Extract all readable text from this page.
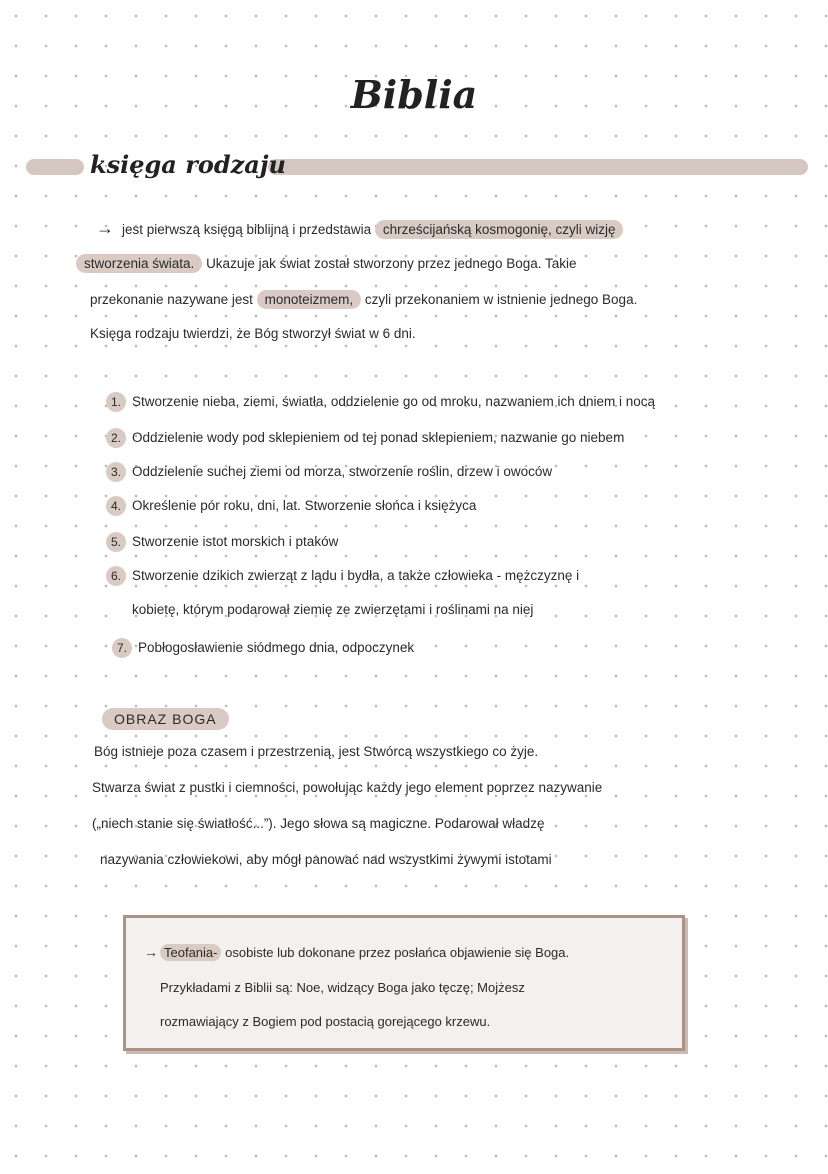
Biblia
księga rodzaju
→ jest pierwszą księgą biblijną i przedstawia chrześcijańską kosmogonię, czyli wizję
stworzenia świata. Ukazuje jak świat został stworzony przez jednego Boga. Takie
przekonanie nazywane jest monoteizmem, czyli przekonaniem w istnienie jednego Boga.
Księga rodzaju twierdzi, że Bóg stworzył świat w 6 dni.
1. Stworzenie nieba, ziemi, światła, oddzielenie go od mroku, nazwaniem ich dniem i nocą
2. Oddzielenie wody pod sklepieniem od tej ponad sklepieniem, nazwanie go niebem
3. Oddzielenie suchej ziemi od morza, stworzenie roślin, drzew i owoców
4. Określenie pór roku, dni, lat. Stworzenie słońca i księżyca
5. Stworzenie istot morskich i ptaków
6. Stworzenie dzikich zwierząt z lądu i bydła, a także człowieka - mężczyznę i
kobietę, którym podarował ziemię ze zwierzętami i roślinami na niej
7. Pobłogosławienie siódmego dnia, odpoczynek
OBRAZ BOGA
Bóg istnieje poza czasem i przestrzenią, jest Stwórcą wszystkiego co żyje.
Stwarza świat z pustki i ciemności, powołując każdy jego element poprzez nazywanie
(„niech stanie się światłość...”). Jego słowa są magiczne. Podarował władzę
nazywania człowiekowi, aby mógł panować nad wszystkimi żywymi istotami
→ Teofania- osobiste lub dokonane przez posłańca objawienie się Boga.
Przykładami z Biblii są: Noe, widzący Boga jako tęczę; Mojżesz
rozmawiający z Bogiem pod postacią gorejącego krzewu.
